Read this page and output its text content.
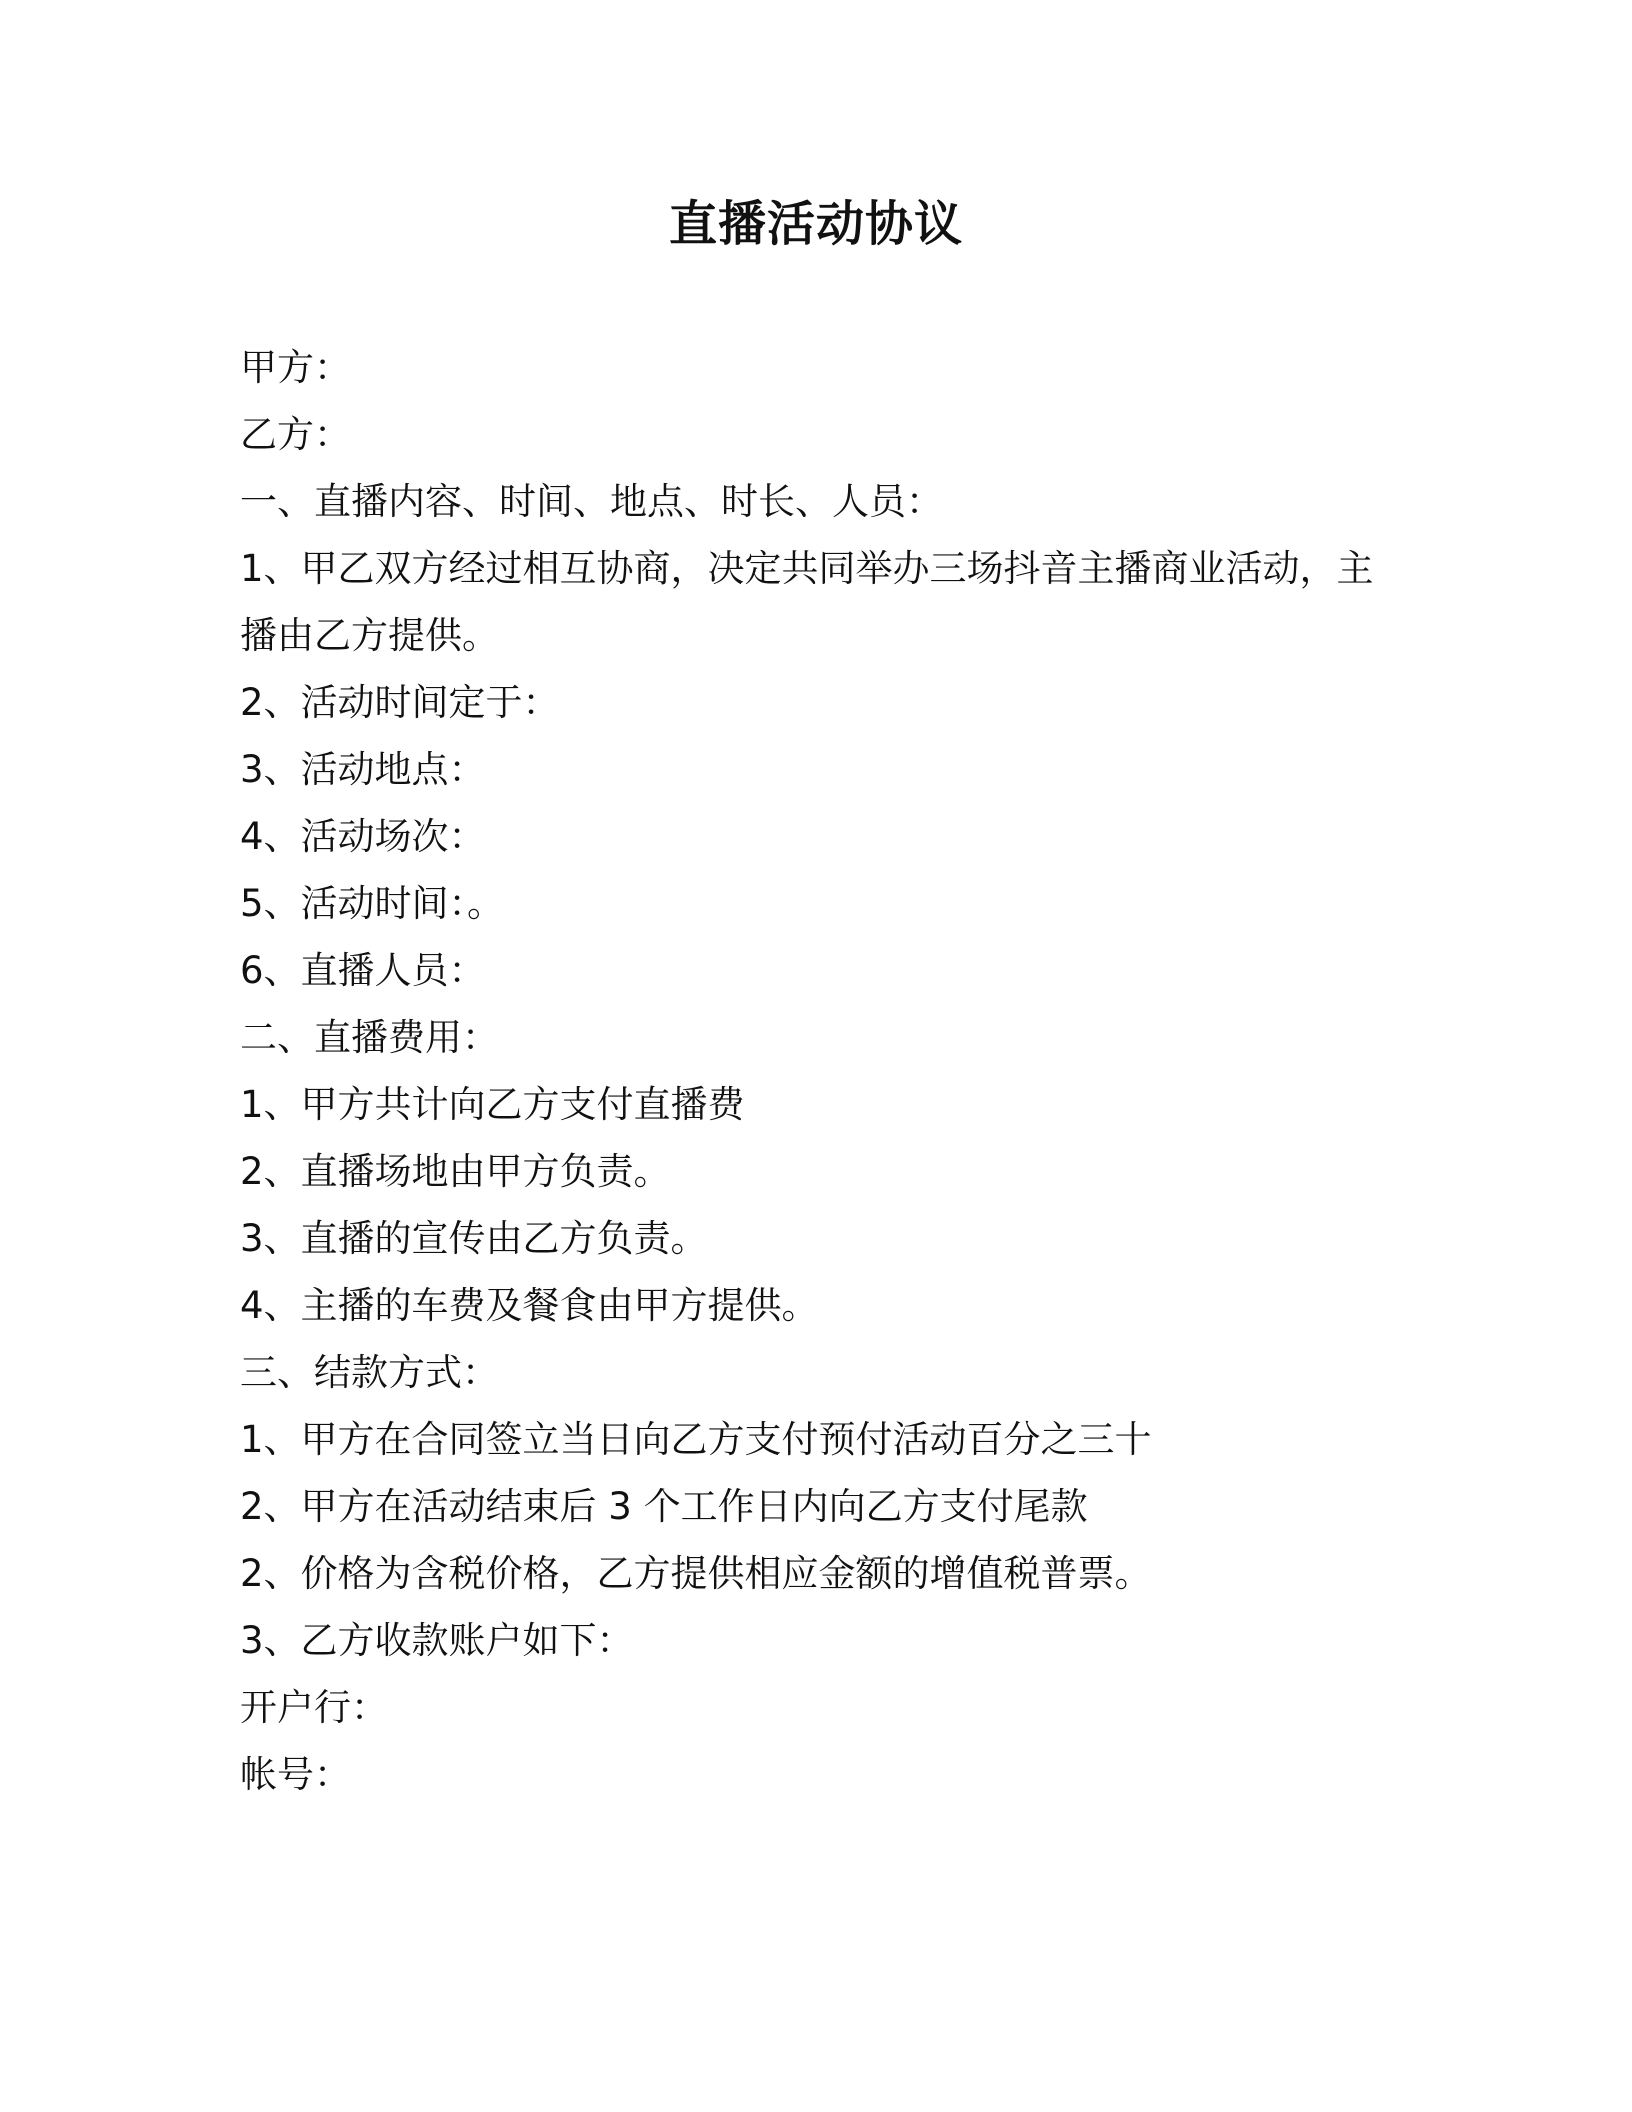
直播活动协议

甲方：

乙方：

一、直播内容、时间、地点、时长、人员：

1、甲乙双方经过相互协商，决定共同举办三场抖音主播商业活动，主

播由乙方提供。

2、活动时间定于：

3、活动地点：

4、活动场次：

5、活动时间：。

6、直播人员：

二、直播费用：

1、甲方共计向乙方支付直播费

2、直播场地由甲方负责。

3、直播的宣传由乙方负责。

4、主播的车费及餐食由甲方提供。

三、结款方式：

1、甲方在合同签立当日向乙方支付预付活动百分之三十

2、甲方在活动结束后 3 个工作日内向乙方支付尾款

2、价格为含税价格，乙方提供相应金额的增值税普票。

3、乙方收款账户如下：

开户行：

帐号：
